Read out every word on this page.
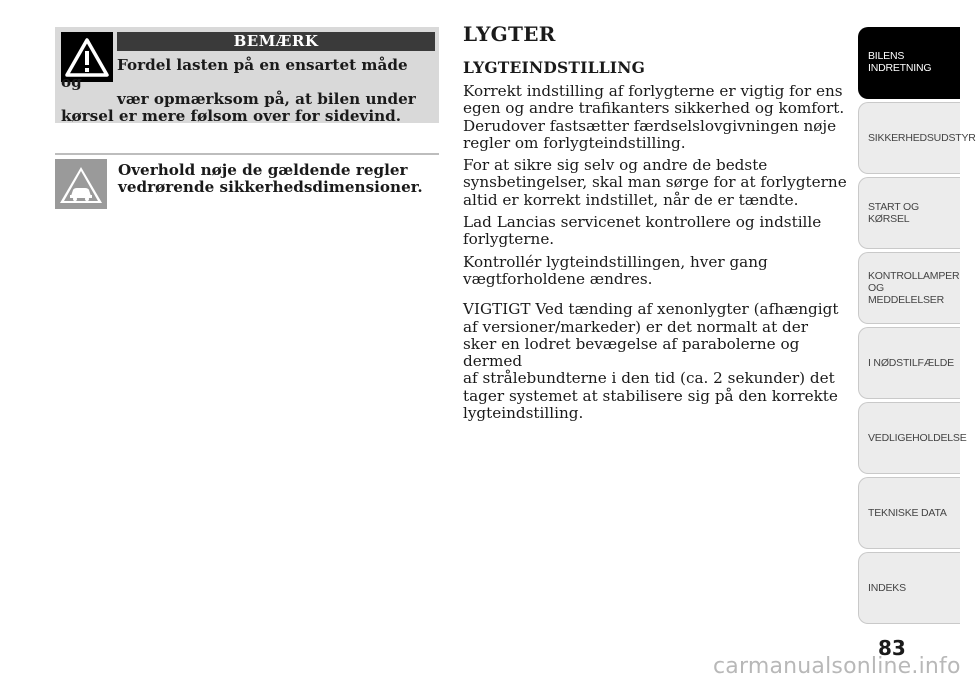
BEMÆRK
Fordel lasten på en ensartet måde og
vær opmærksom på, at bilen under
kørsel er mere følsom over for sidevind.
Overhold nøje de gældende regler
vedrørende sikkerhedsdimensioner.
LYGTER
LYGTEINDSTILLING
Korrekt indstilling af forlygterne er vigtig for ens
egen og andre trafikanters sikkerhed og komfort.
Derudover fastsætter færdselslovgivningen nøje
regler om forlygteindstilling.
For at sikre sig selv og andre de bedste
synsbetingelser, skal man sørge for at forlygterne
altid er korrekt indstillet, når de er tændte.
Lad Lancias servicenet kontrollere og indstille
forlygterne.
Kontrollér lygteindstillingen, hver gang
vægtforholdene ændres.
VIGTIGT Ved tænding af xenonlygter (afhængigt
af versioner/markeder) er det normalt at der
sker en lodret bevægelse af parabolerne og dermed
af strålebundterne i den tid (ca. 2 sekunder) det
tager systemet at stabilisere sig på den korrekte
lygteindstilling.
BILENS
INDRETNING
SIKKERHEDSUDSTYR
START OG KØRSEL
KONTROLLAMPER
OG MEDDELELSER
I NØDSTILFÆLDE
VEDLIGEHOLDELSE
TEKNISKE DATA
INDEKS
83
carmanualsonline.info
